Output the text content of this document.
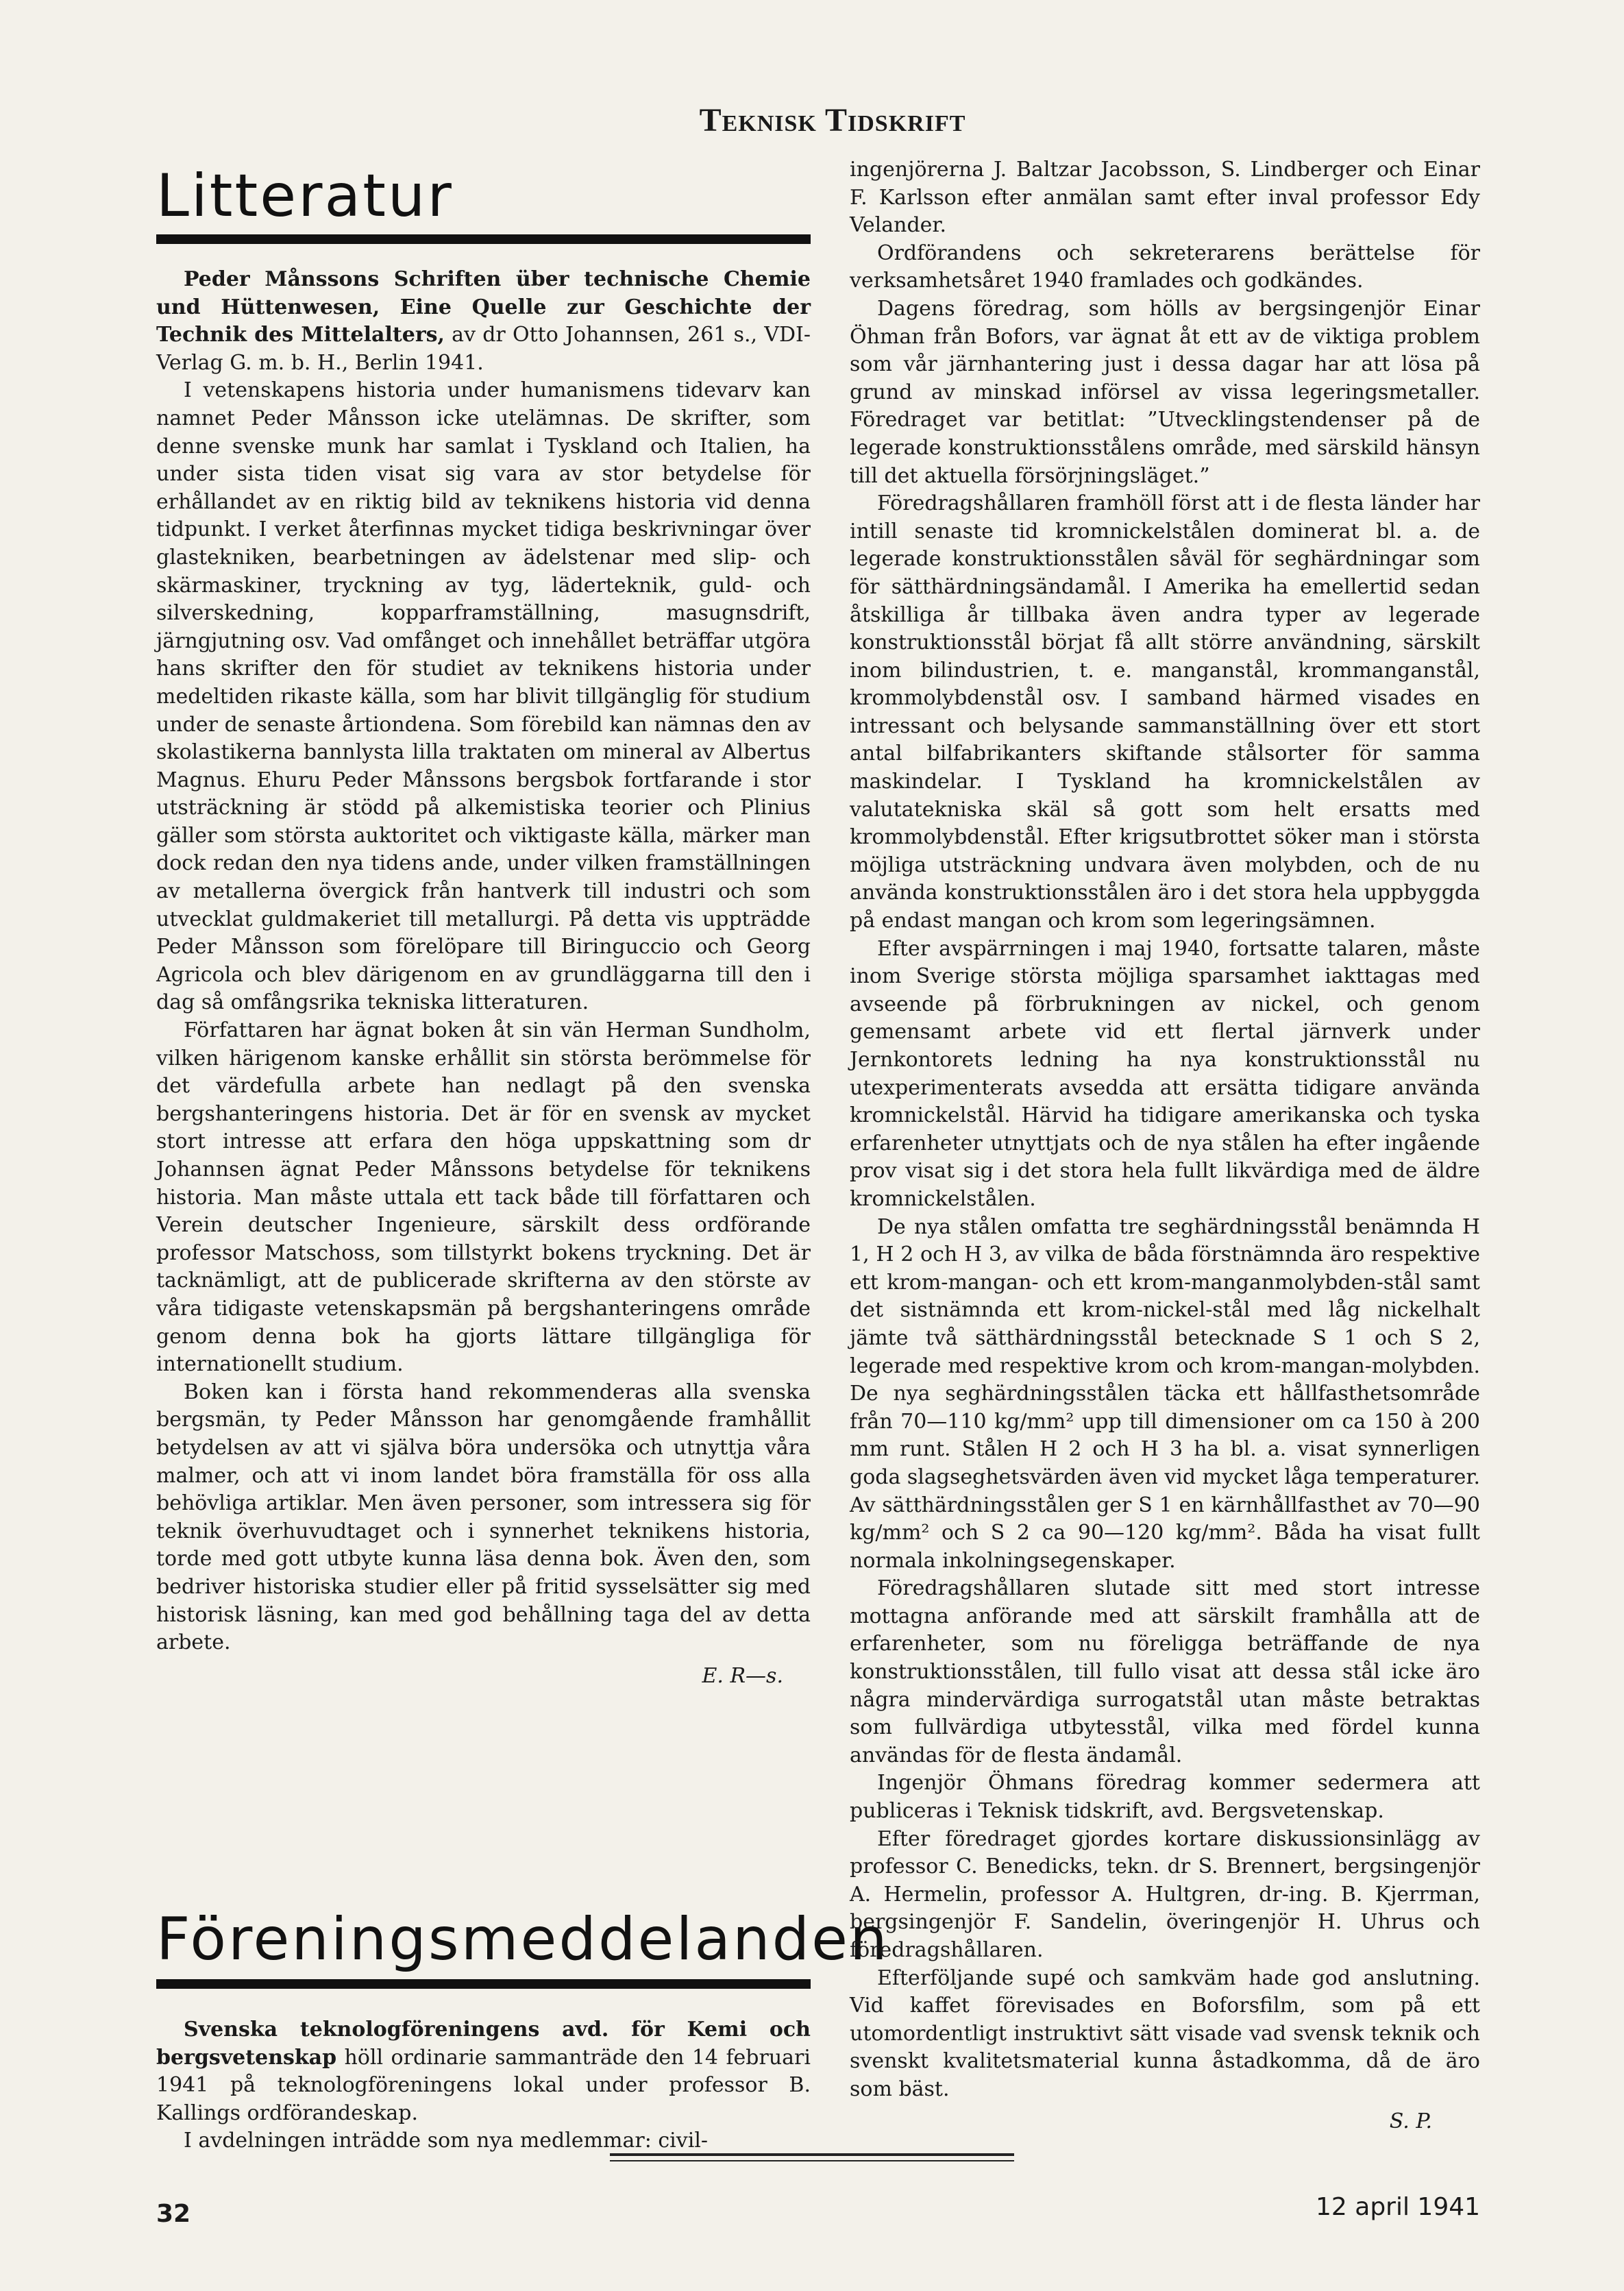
Teknisk Tidskrift
Litteratur

Peder Månssons Schriften über technische Chemie und Hüttenwesen, Eine Quelle zur Geschichte der Technik des Mittelalters, av dr Otto Johannsen, 261 s., VDI-Verlag G. m. b. H., Berlin 1941.

I vetenskapens historia under humanismens tidevarv kan namnet Peder Månsson icke utelämnas. De skrifter, som denne svenske munk har samlat i Tyskland och Italien, ha under sista tiden visat sig vara av stor betydelse för erhållandet av en riktig bild av teknikens historia vid denna tidpunkt. I verket återfinnas mycket tidiga beskrivningar över glastekniken, bearbetningen av ädelstenar med slip- och skärmaskiner, tryckning av tyg, läderteknik, guld- och silverskedning, kopparframställning, masugnsdrift, järngjutning osv. Vad omfånget och innehållet beträffar utgöra hans skrifter den för studiet av teknikens historia under medeltiden rikaste källa, som har blivit tillgänglig för studium under de senaste årtiondena. Som förebild kan nämnas den av skolastikerna bannlysta lilla traktaten om mineral av Albertus Magnus. Ehuru Peder Månssons bergsbok fortfarande i stor utsträckning är stödd på alkemistiska teorier och Plinius gäller som största auktoritet och viktigaste källa, märker man dock redan den nya tidens ande, under vilken framställningen av metallerna övergick från hantverk till industri och som utvecklat guldmakeriet till metallurgi. På detta vis uppträdde Peder Månsson som förelöpare till Biringuccio och Georg Agricola och blev därigenom en av grundläggarna till den i dag så omfångsrika tekniska litteraturen.

Författaren har ägnat boken åt sin vän Herman Sundholm, vilken härigenom kanske erhållit sin största berömmelse för det värdefulla arbete han nedlagt på den svenska bergshanteringens historia. Det är för en svensk av mycket stort intresse att erfara den höga uppskattning som dr Johannsen ägnat Peder Månssons betydelse för teknikens historia. Man måste uttala ett tack både till författaren och Verein deutscher Ingenieure, särskilt dess ordförande professor Matschoss, som tillstyrkt bokens tryckning. Det är tacknämligt, att de publicerade skrifterna av den störste av våra tidigaste vetenskapsmän på bergshanteringens område genom denna bok ha gjorts lättare tillgängliga för internationellt studium.

Boken kan i första hand rekommenderas alla svenska bergsmän, ty Peder Månsson har genomgående framhållit betydelsen av att vi själva böra undersöka och utnyttja våra malmer, och att vi inom landet böra framställa för oss alla behövliga artiklar. Men även personer, som intressera sig för teknik överhuvudtaget och i synnerhet teknikens historia, torde med gott utbyte kunna läsa denna bok. Även den, som bedriver historiska studier eller på fritid sysselsätter sig med historisk läsning, kan med god behållning taga del av detta arbete.

E. R—s.

Föreningsmeddelanden

Svenska teknologföreningens avd. för Kemi och bergsvetenskap höll ordinarie sammanträde den 14 februari 1941 på teknologföreningens lokal under professor B. Kallings ordförandeskap.

I avdelningen inträdde som nya medlemmar: civil-

ingenjörerna J. Baltzar Jacobsson, S. Lindberger och Einar F. Karlsson efter anmälan samt efter inval professor Edy Velander.

Ordförandens och sekreterarens berättelse för verksamhetsåret 1940 framlades och godkändes.

Dagens föredrag, som hölls av bergsingenjör Einar Öhman från Bofors, var ägnat åt ett av de viktiga problem som vår järnhantering just i dessa dagar har att lösa på grund av minskad införsel av vissa legeringsmetaller. Föredraget var betitlat: ”Utvecklingstendenser på de legerade konstruktionsstålens område, med särskild hänsyn till det aktuella försörjningsläget.”

Föredragshållaren framhöll först att i de flesta länder har intill senaste tid kromnickelstålen dominerat bl. a. de legerade konstruktionsstålen såväl för seghärdningar som för sätthärdningsändamål. I Amerika ha emellertid sedan åtskilliga år tillbaka även andra typer av legerade konstruktionsstål börjat få allt större användning, särskilt inom bilindustrien, t. e. manganstål, krommanganstål, krommolybdenstål osv. I samband härmed visades en intressant och belysande sammanställning över ett stort antal bilfabrikanters skiftande stålsorter för samma maskindelar. I Tyskland ha kromnickelstålen av valutatekniska skäl så gott som helt ersatts med krommolybdenstål. Efter krigsutbrottet söker man i största möjliga utsträckning undvara även molybden, och de nu använda konstruktionsstålen äro i det stora hela uppbyggda på endast mangan och krom som legeringsämnen.

Efter avspärrningen i maj 1940, fortsatte talaren, måste inom Sverige största möjliga sparsamhet iakttagas med avseende på förbrukningen av nickel, och genom gemensamt arbete vid ett flertal järnverk under Jernkontorets ledning ha nya konstruktionsstål nu utexperimenterats avsedda att ersätta tidigare använda kromnickelstål. Härvid ha tidigare amerikanska och tyska erfarenheter utnyttjats och de nya stålen ha efter ingående prov visat sig i det stora hela fullt likvärdiga med de äldre kromnickelstålen.

De nya stålen omfatta tre seghärdningsstål benämnda H 1, H 2 och H 3, av vilka de båda förstnämnda äro respektive ett krom-mangan- och ett krom-manganmolybden-stål samt det sistnämnda ett krom-nickel-stål med låg nickelhalt jämte två sätthärdningsstål betecknade S 1 och S 2, legerade med respektive krom och krom-mangan-molybden. De nya seghärdningsstålen täcka ett hållfasthetsområde från 70—110 kg/mm² upp till dimensioner om ca 150 à 200 mm runt. Stålen H 2 och H 3 ha bl. a. visat synnerligen goda slagseghetsvärden även vid mycket låga temperaturer. Av sätthärdningsstålen ger S 1 en kärnhållfasthet av 70—90 kg/mm² och S 2 ca 90—120 kg/mm². Båda ha visat fullt normala inkolningsegenskaper.

Föredragshållaren slutade sitt med stort intresse mottagna anförande med att särskilt framhålla att de erfarenheter, som nu föreligga beträffande de nya konstruktionsstålen, till fullo visat att dessa stål icke äro några mindervärdiga surrogatstål utan måste betraktas som fullvärdiga utbytesstål, vilka med fördel kunna användas för de flesta ändamål.

Ingenjör Öhmans föredrag kommer sedermera att publiceras i Teknisk tidskrift, avd. Bergsvetenskap.

Efter föredraget gjordes kortare diskussionsinlägg av professor C. Benedicks, tekn. dr S. Brennert, bergsingenjör A. Hermelin, professor A. Hultgren, dr-ing. B. Kjerrman, bergsingenjör F. Sandelin, överingenjör H. Uhrus och föredragshållaren.

Efterföljande supé och samkväm hade god anslutning. Vid kaffet förevisades en Boforsfilm, som på ett utomordentligt instruktivt sätt visade vad svensk teknik och svenskt kvalitetsmaterial kunna åstadkomma, då de äro som bäst.

S. P.

32	12 april 1941
